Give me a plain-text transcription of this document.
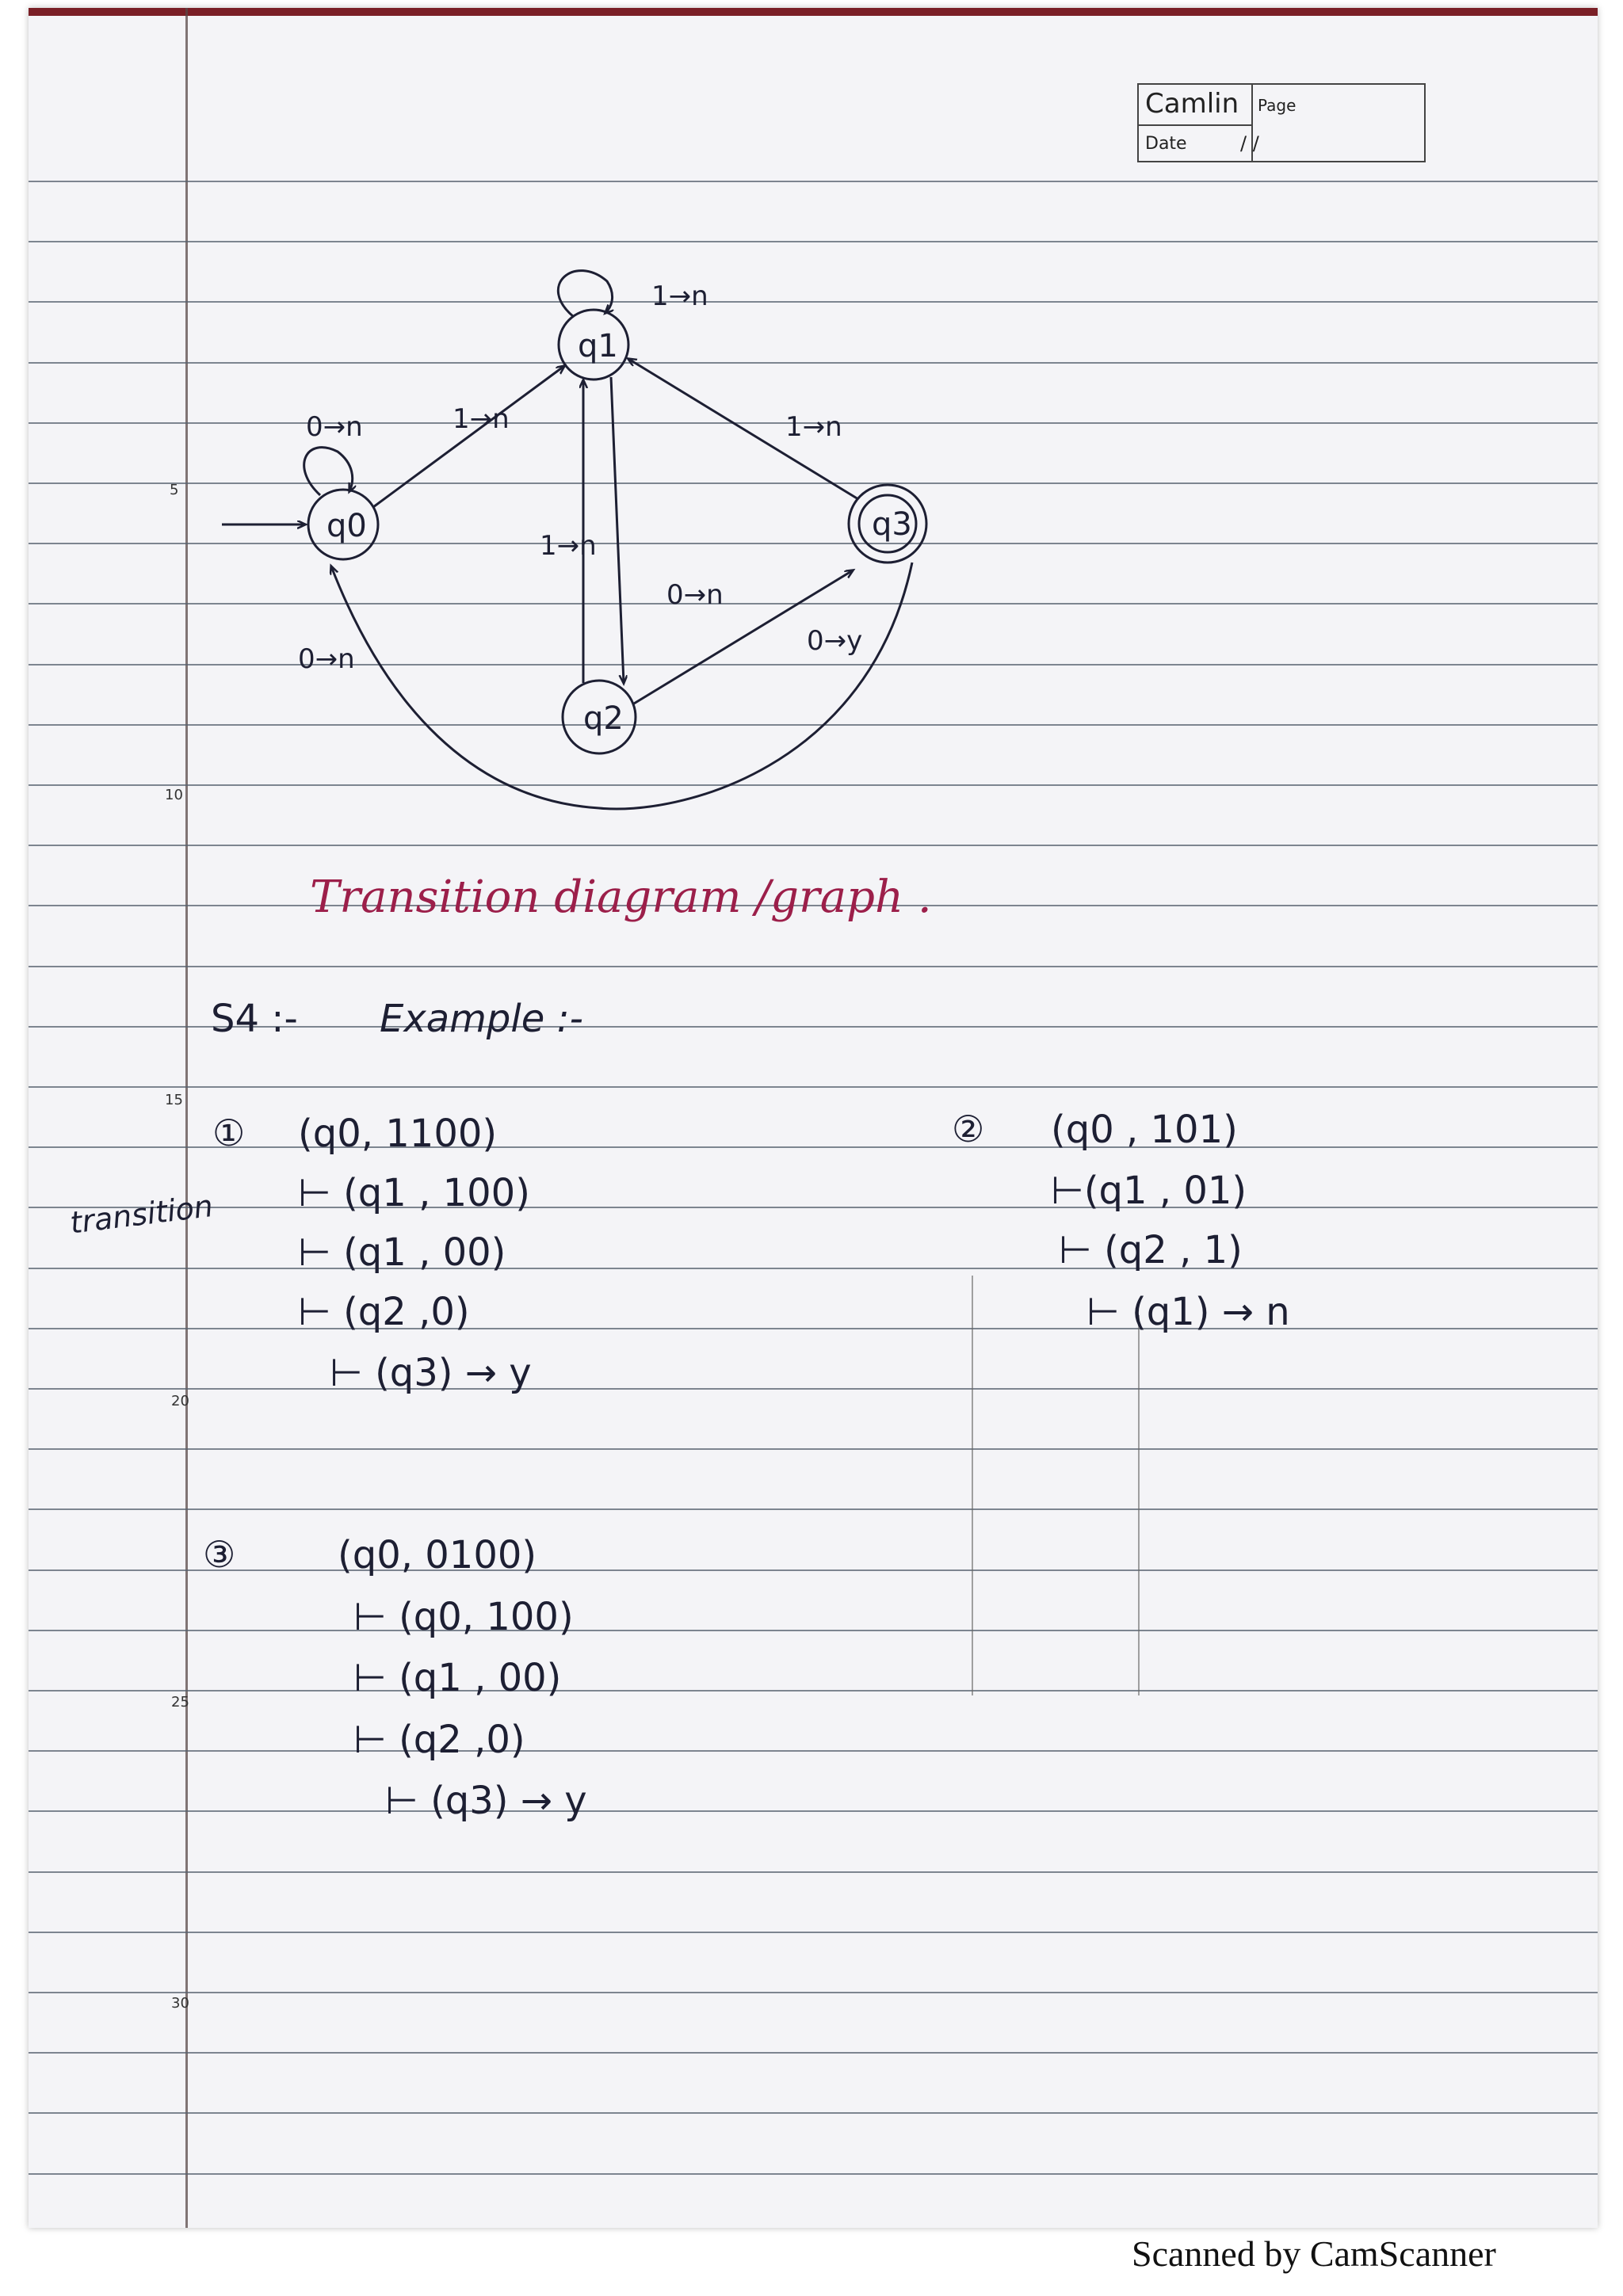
Camlin Page
Date	/ /
5
10
15
20
25
30
q1
q0	q3
q2
1→n
0→n	1→n	1→n
1→n
0→n
0→y
0→n
Transition diagram /graph .
S4 :- Example :-
transition
① (q0, 1100)
⊢ (q1 , 100)
⊢ (q1 , 00)
⊢ (q2 ,0)
⊢ (q3) → y
② (q0 , 101)
⊢(q1 , 01)
⊢ (q2 , 1)
⊢ (q1) → n
③	(q0, 0100)
⊢ (q0, 100)
⊢ (q1 , 00)
⊢ (q2 ,0)
⊢ (q3) → y
Scanned by CamScanner
